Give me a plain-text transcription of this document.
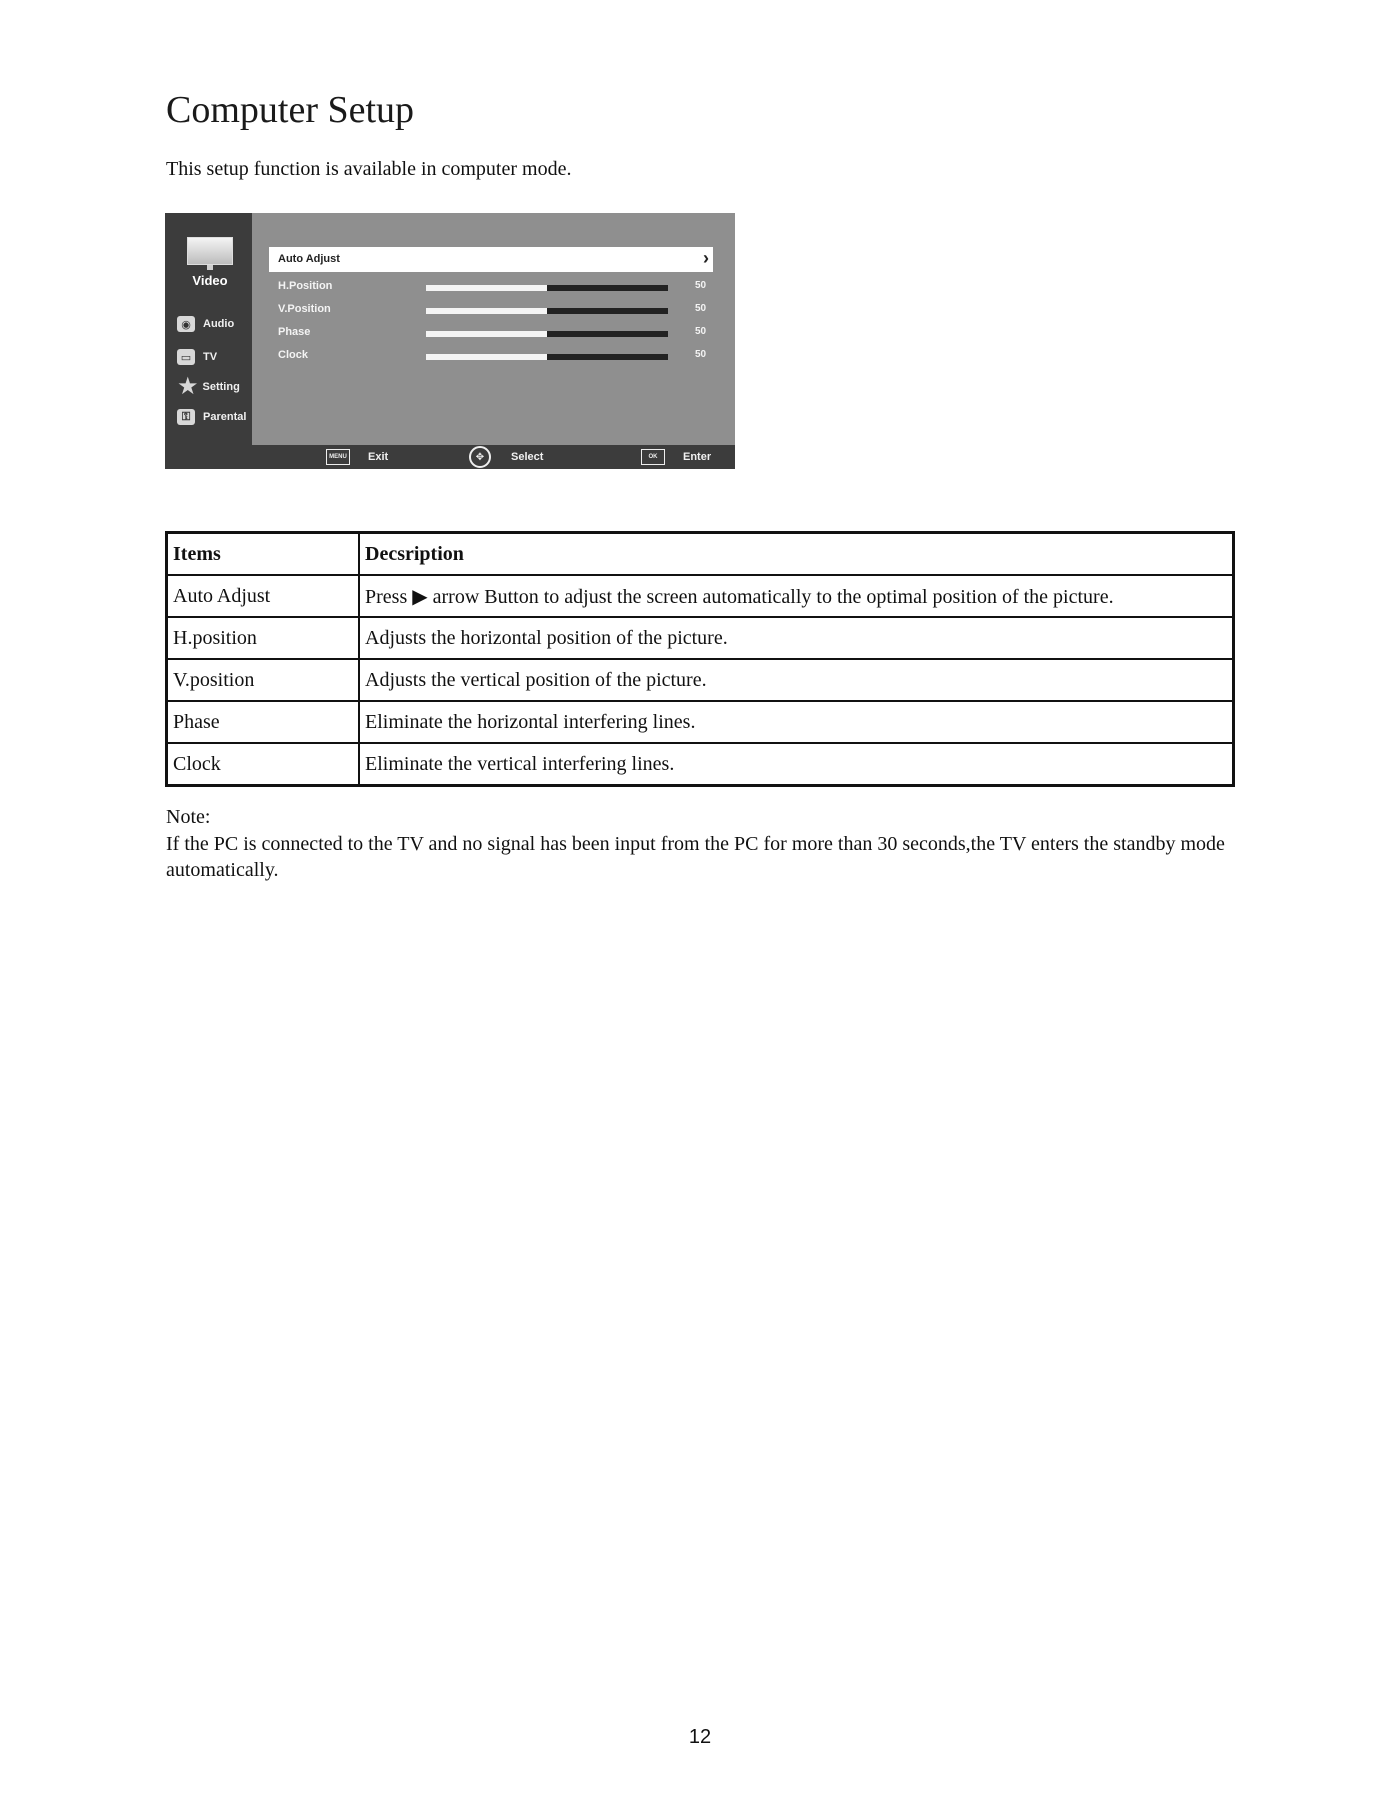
Computer Setup

This setup function is available in computer mode.

Video
◉	Audio
▭	TV
★ Setting
⚿	Parental
Auto Adjust	›
H.Position	50
V.Position	50
Phase	50
Clock	50
MENU Exit	✥	Select	OK	Enter
Items	Decsription
Auto Adjust	Press ▶ arrow Button to adjust the screen automatically to the optimal position of the picture.
H.position	Adjusts the horizontal position of the picture.
V.position	Adjusts the vertical position of the picture.
Phase	Eliminate the horizontal interfering lines.
Clock	Eliminate the vertical interfering lines.

Note:

If the PC is connected to the TV and no signal has been input from the PC for more than 30 seconds,the TV enters the standby mode automatically.

12
